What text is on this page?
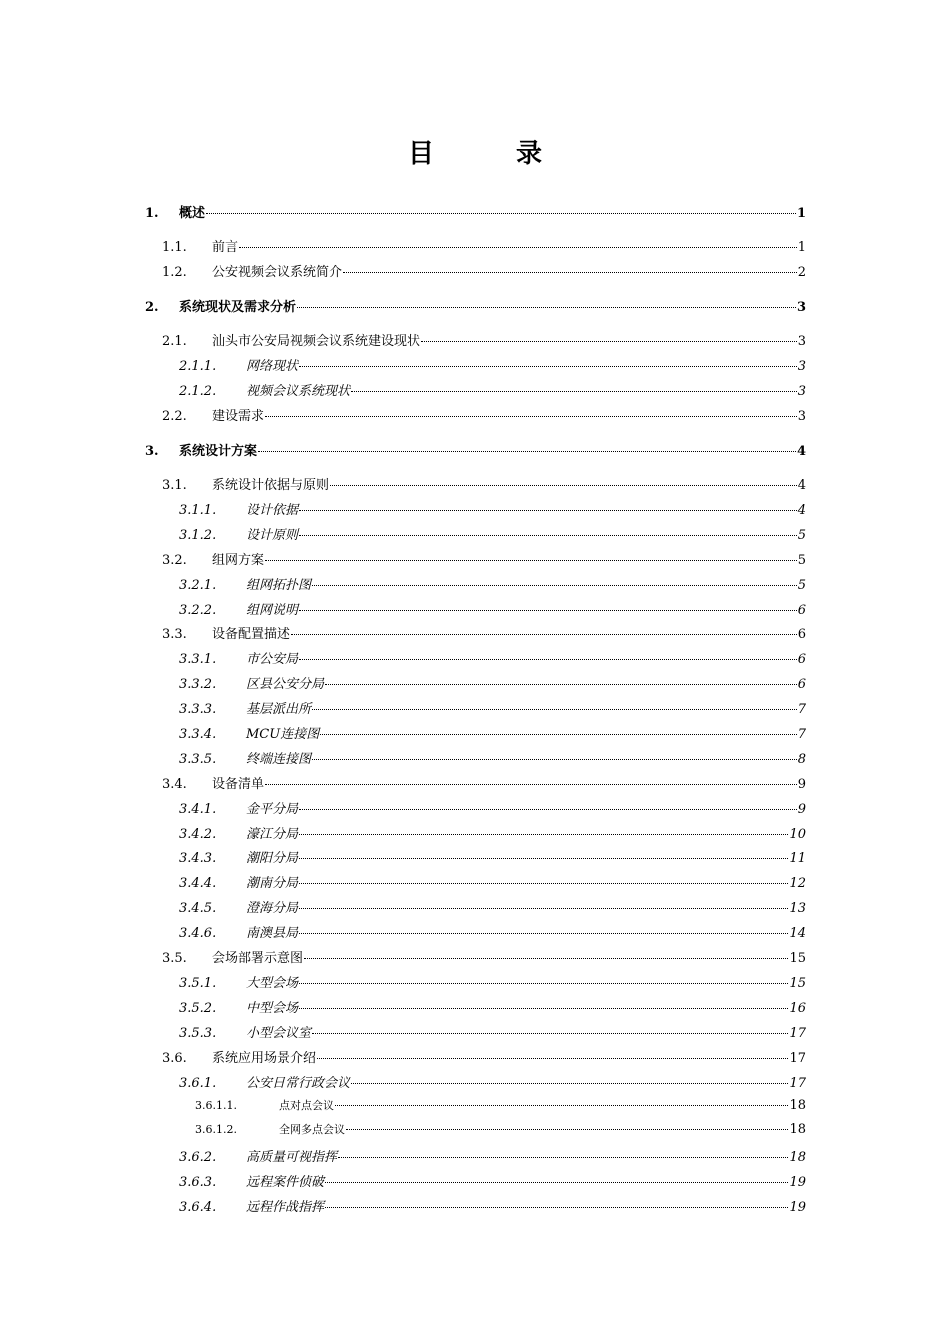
目　录
1.	概述	1
1.1.	前言	1
1.2.	公安视频会议系统简介	2
2.	系统现状及需求分析	3
2.1.	汕头市公安局视频会议系统建设现状	3
2.1.1.	网络现状	3
2.1.2.	视频会议系统现状	3
2.2.	建设需求	3
3.	系统设计方案	4
3.1.	系统设计依据与原则	4
3.1.1.	设计依据	4
3.1.2.	设计原则	5
3.2.	组网方案	5
3.2.1.	组网拓扑图	5
3.2.2.	组网说明	6
3.3.	设备配置描述	6
3.3.1.	市公安局	6
3.3.2.	区县公安分局	6
3.3.3.	基层派出所	7
3.3.4.	MCU连接图	7
3.3.5.	终端连接图	8
3.4.	设备清单	9
3.4.1.	金平分局	9
3.4.2.	濠江分局	10
3.4.3.	潮阳分局	11
3.4.4.	潮南分局	12
3.4.5.	澄海分局	13
3.4.6.	南澳县局	14
3.5.	会场部署示意图	15
3.5.1.	大型会场	15
3.5.2.	中型会场	16
3.5.3.	小型会议室	17
3.6.	系统应用场景介绍	17
3.6.1.	公安日常行政会议	17
3.6.1.1.	点对点会议	18
3.6.1.2.	全网多点会议	18
3.6.2.	高质量可视指挥	18
3.6.3.	远程案件侦破	19
3.6.4.	远程作战指挥	19
